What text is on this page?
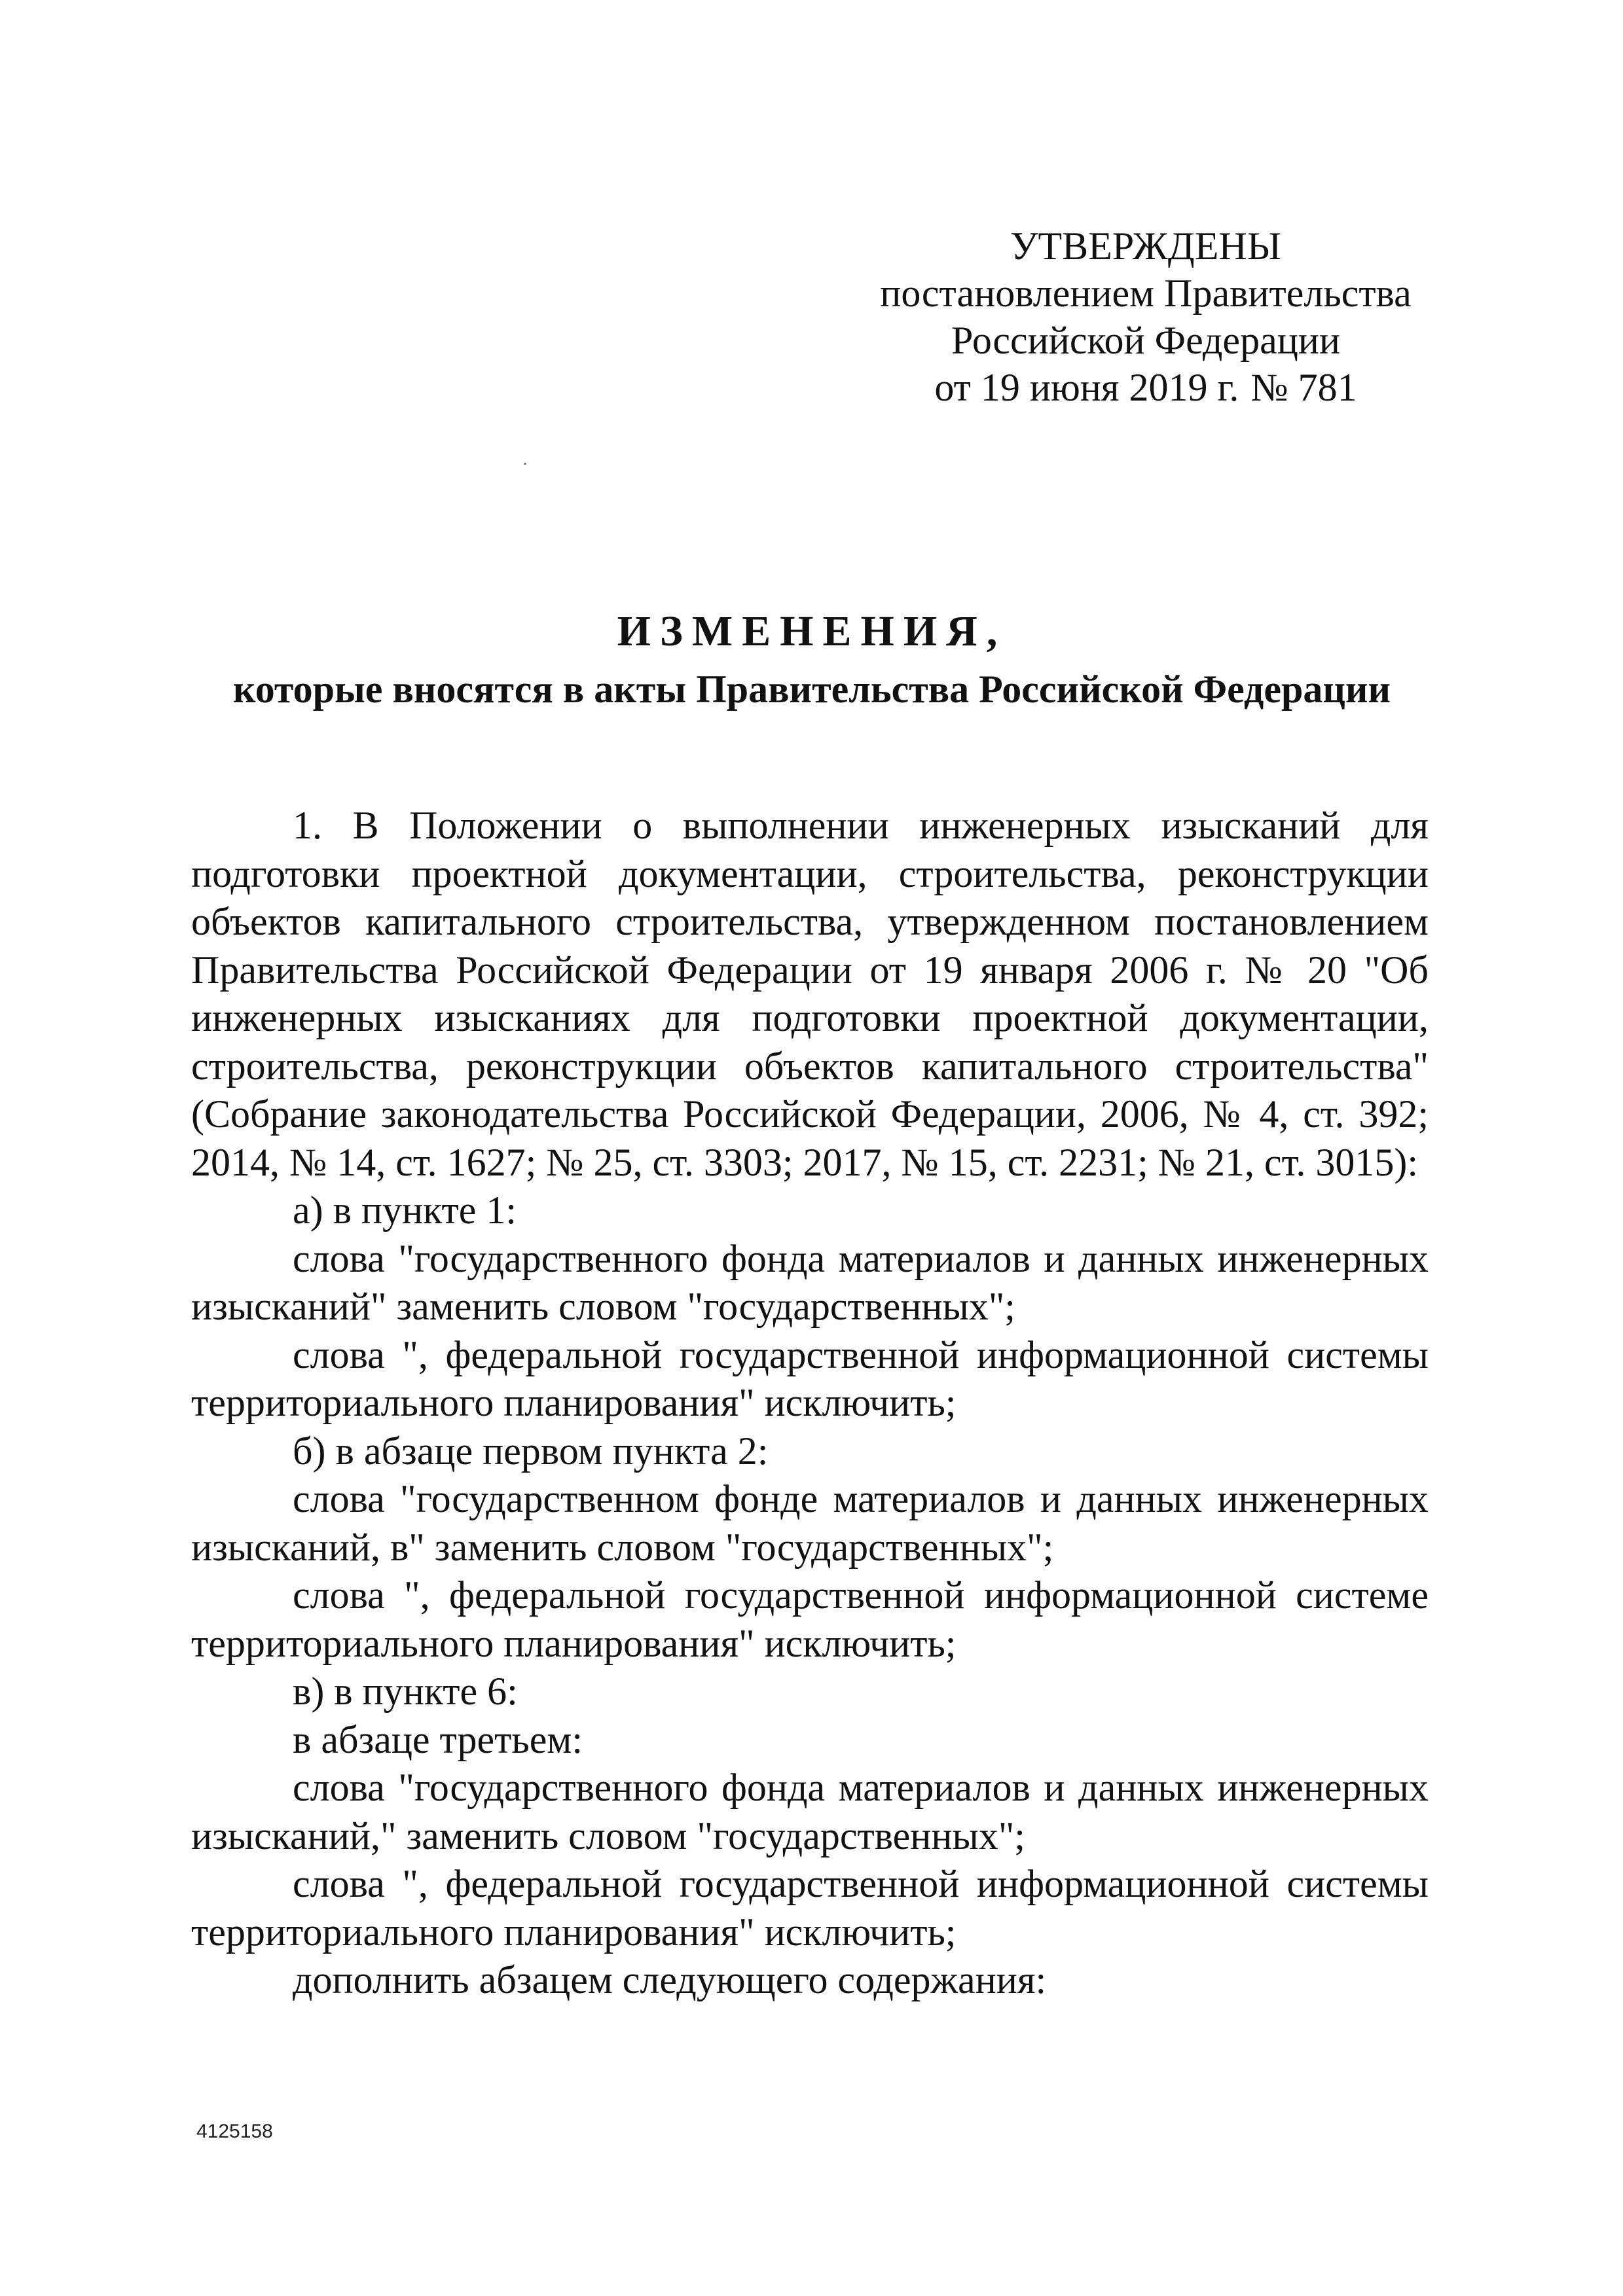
УТВЕРЖДЕНЫ
постановлением Правительства
Российской Федерации
от 19 июня 2019 г. № 781
ИЗМЕНЕНИЯ,
которые вносятся в акты Правительства Российской Федерации

1. В Положении о выполнении инженерных изысканий для подготовки проектной документации, строительства, реконструкции объектов капитального строительства, утвержденном постановлением Правительства Российской Федерации от 19 января 2006 г. № 20 "Об инженерных изысканиях для подготовки проектной документации, строительства, реконструкции объектов капитального строительства" (Собрание законодательства Российской Федерации, 2006, № 4, ст. 392; 2014, № 14, ст. 1627; № 25, ст. 3303; 2017, № 15, ст. 2231; № 21, ст. 3015):

а) в пункте 1:

слова "государственного фонда материалов и данных инженерных изысканий" заменить словом "государственных";

слова ", федеральной государственной информационной системы территориального планирования" исключить;

б) в абзаце первом пункта 2:

слова "государственном фонде материалов и данных инженерных изысканий, в" заменить словом "государственных";

слова ", федеральной государственной информационной системе территориального планирования" исключить;

в) в пункте 6:

в абзаце третьем:

слова "государственного фонда материалов и данных инженерных изысканий," заменить словом "государственных";

слова ", федеральной государственной информационной системы территориального планирования" исключить;

дополнить абзацем следующего содержания:

4125158
